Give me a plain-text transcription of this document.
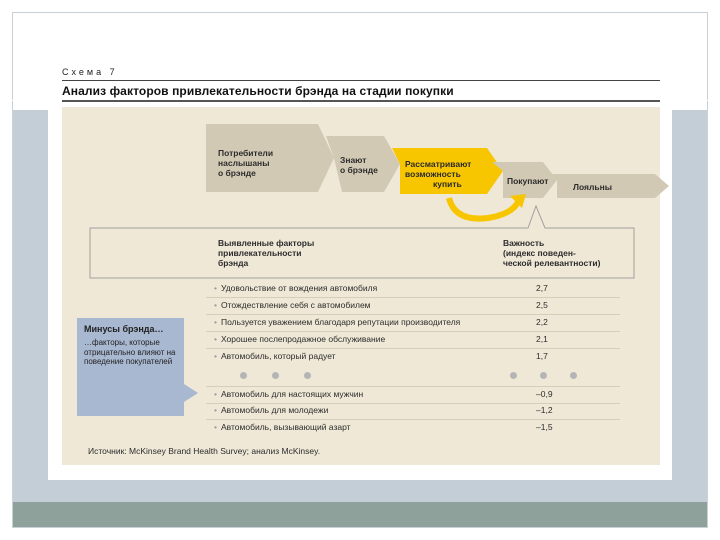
Схема 7
Анализ факторов привлекательности брэнда на стадии покупки
Потребители
наслышаны
о брэнде
Знают
о брэнде
Рассматривают
возможность
купить	Покупают
Лояльны
Выявленные факторы
привлекательности
брэнда
Важность
(индекс поведен-
ческой релевантности)
• Удовольствие от вождения автомобиля	2,7
• Отождествление себя с автомобилем	2,5
• Пользуется уважением благодаря репутации производителя	2,2
• Хорошее послепродажное обслуживание	2,1
• Автомобиль, который радует	1,7
• Автомобиль для настоящих мужчин	–0,9
• Автомобиль для молодежи	–1,2
• Автомобиль, вызывающий азарт	–1,5
Минусы брэнда…
…факторы, которые отрицательно влияют на поведение покупателей
Источник: McKinsey Brand Health Survey; анализ McKinsey.
